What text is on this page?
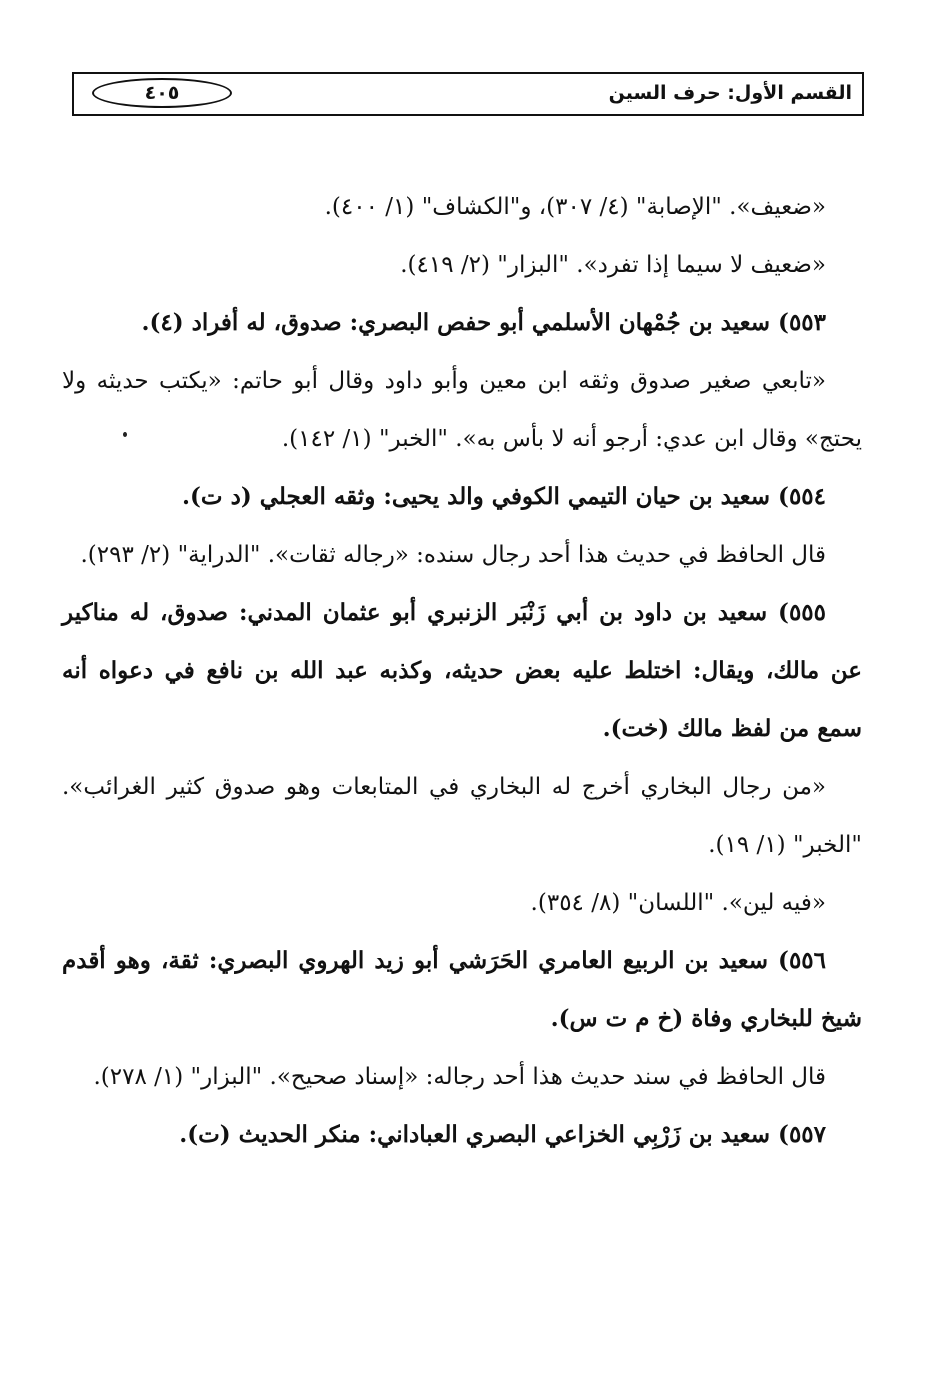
القسم الأول: حرف السين
٤٠٥

«ضعيف». "الإصابة" (٤/ ٣٠٧)، و"الكشاف" (١/ ٤٠٠).

«ضعيف لا سيما إذا تفرد». "البزار" (٢/ ٤١٩).

٥٥٣) سعيد بن جُمْهان الأسلمي أبو حفص البصري: صدوق، له أفراد (٤).

«تابعي صغير صدوق وثقه ابن معين وأبو داود وقال أبو حاتم: «يكتب حديثه ولا يحتج» وقال ابن عدي: أرجو أنه لا بأس به». "الخبر" (١/ ١٤٢).

٥٥٤) سعيد بن حيان التيمي الكوفي والد يحيى: وثقه العجلي (د ت).

قال الحافظ في حديث هذا أحد رجال سنده: «رجاله ثقات». "الدراية" (٢/ ٢٩٣).

٥٥٥) سعيد بن داود بن أبي زَنْبَر الزنبري أبو عثمان المدني: صدوق، له مناكير عن مالك، ويقال: اختلط عليه بعض حديثه، وكذبه عبد الله بن نافع في دعواه أنه سمع من لفظ مالك (خت).

«من رجال البخاري أخرج له البخاري في المتابعات وهو صدوق كثير الغرائب». "الخبر" (١/ ١٩).

«فيه لين». "اللسان" (٨/ ٣٥٤).

٥٥٦) سعيد بن الربيع العامري الحَرَشي أبو زيد الهروي البصري: ثقة، وهو أقدم شيخ للبخاري وفاة (خ م ت س).

قال الحافظ في سند حديث هذا أحد رجاله: «إسناد صحيح». "البزار" (١/ ٢٧٨).

٥٥٧) سعيد بن زَرْبِي الخزاعي البصري العباداني: منكر الحديث (ت).
